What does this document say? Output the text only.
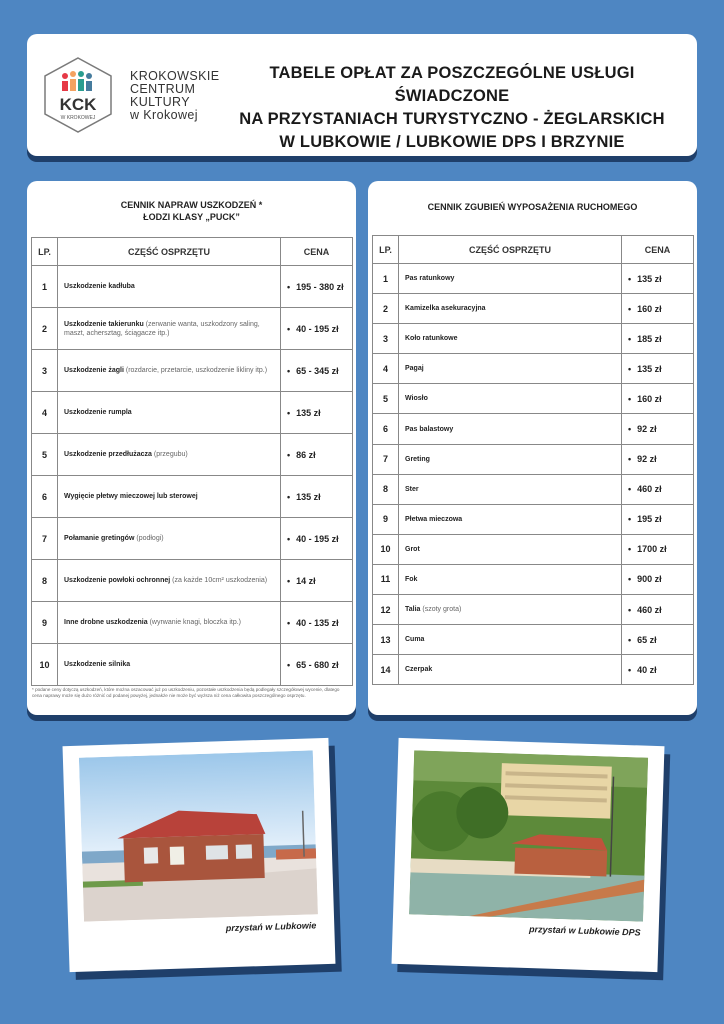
KCK
W KROKOWEJ
KROKOWSKIE
CENTRUM
KULTURY
w Krokowej
TABELE OPŁAT ZA POSZCZEGÓLNE USŁUGI ŚWIADCZONE
NA PRZYSTANIACH TURYSTYCZNO - ŻEGLARSKICH
W LUBKOWIE / LUBKOWIE DPS I BRZYNIE
CENNIK NAPRAW USZKODZEŃ *
ŁODZI KLASY „PUCK”
LP.	CZĘŚĆ OSPRZĘTU	CENA
1	Uszkodzenie kadłuba	• 195 - 380 zł
2	Uszkodzenie takierunku (zerwanie wanta, uszkodzony saling, maszt, achersztag, ściągacze itp.)	• 40 - 195 zł
3	Uszkodzenie żagli (rozdarcie, przetarcie, uszkodzenie likliny itp.)	• 65 - 345 zł
4	Uszkodzenie rumpla	• 135 zł
5	Uszkodzenie przedłużacza (przegubu)	• 86 zł
6	Wygięcie płetwy mieczowej lub sterowej	• 135 zł
7	Połamanie gretingów (podłogi)	• 40 - 195 zł
8	Uszkodzenie powłoki ochronnej (za każde 10cm² uszkodzenia)	• 14 zł
9	Inne drobne uszkodzenia (wyrwanie knagi, bloczka itp.)	• 40 - 135 zł
10	Uszkodzenie silnika	• 65 - 680 zł
* podane ceny dotyczą uszkodzeń, które można oszacować już po uszkodzeniu, pozostałe uszkodzenia będą podlegały szczegółowej wycenie, dlatego cena naprawy może się dużo różnić od podanej powyżej, jednakże nie może być wyższa niż cena całkowita poszczególnego osprzętu.
CENNIK ZGUBIEŃ WYPOSAŻENIA RUCHOMEGO
LP.	CZĘŚĆ OSPRZĘTU	CENA
1	Pas ratunkowy	• 135 zł
2	Kamizelka asekuracyjna	• 160 zł
3	Koło ratunkowe	• 185 zł
4	Pagaj	• 135 zł
5	Wiosło	• 160 zł
6	Pas balastowy	• 92 zł
7	Greting	• 92 zł
8	Ster	• 460 zł
9	Płetwa mieczowa	• 195 zł
10	Grot	• 1700 zł
11	Fok	• 900 zł
12	Talia (szoty grota)	• 460 zł
13	Cuma	• 65 zł
14	Czerpak	• 40 zł
przystań w Lubkowie	przystań w Lubkowie DPS
